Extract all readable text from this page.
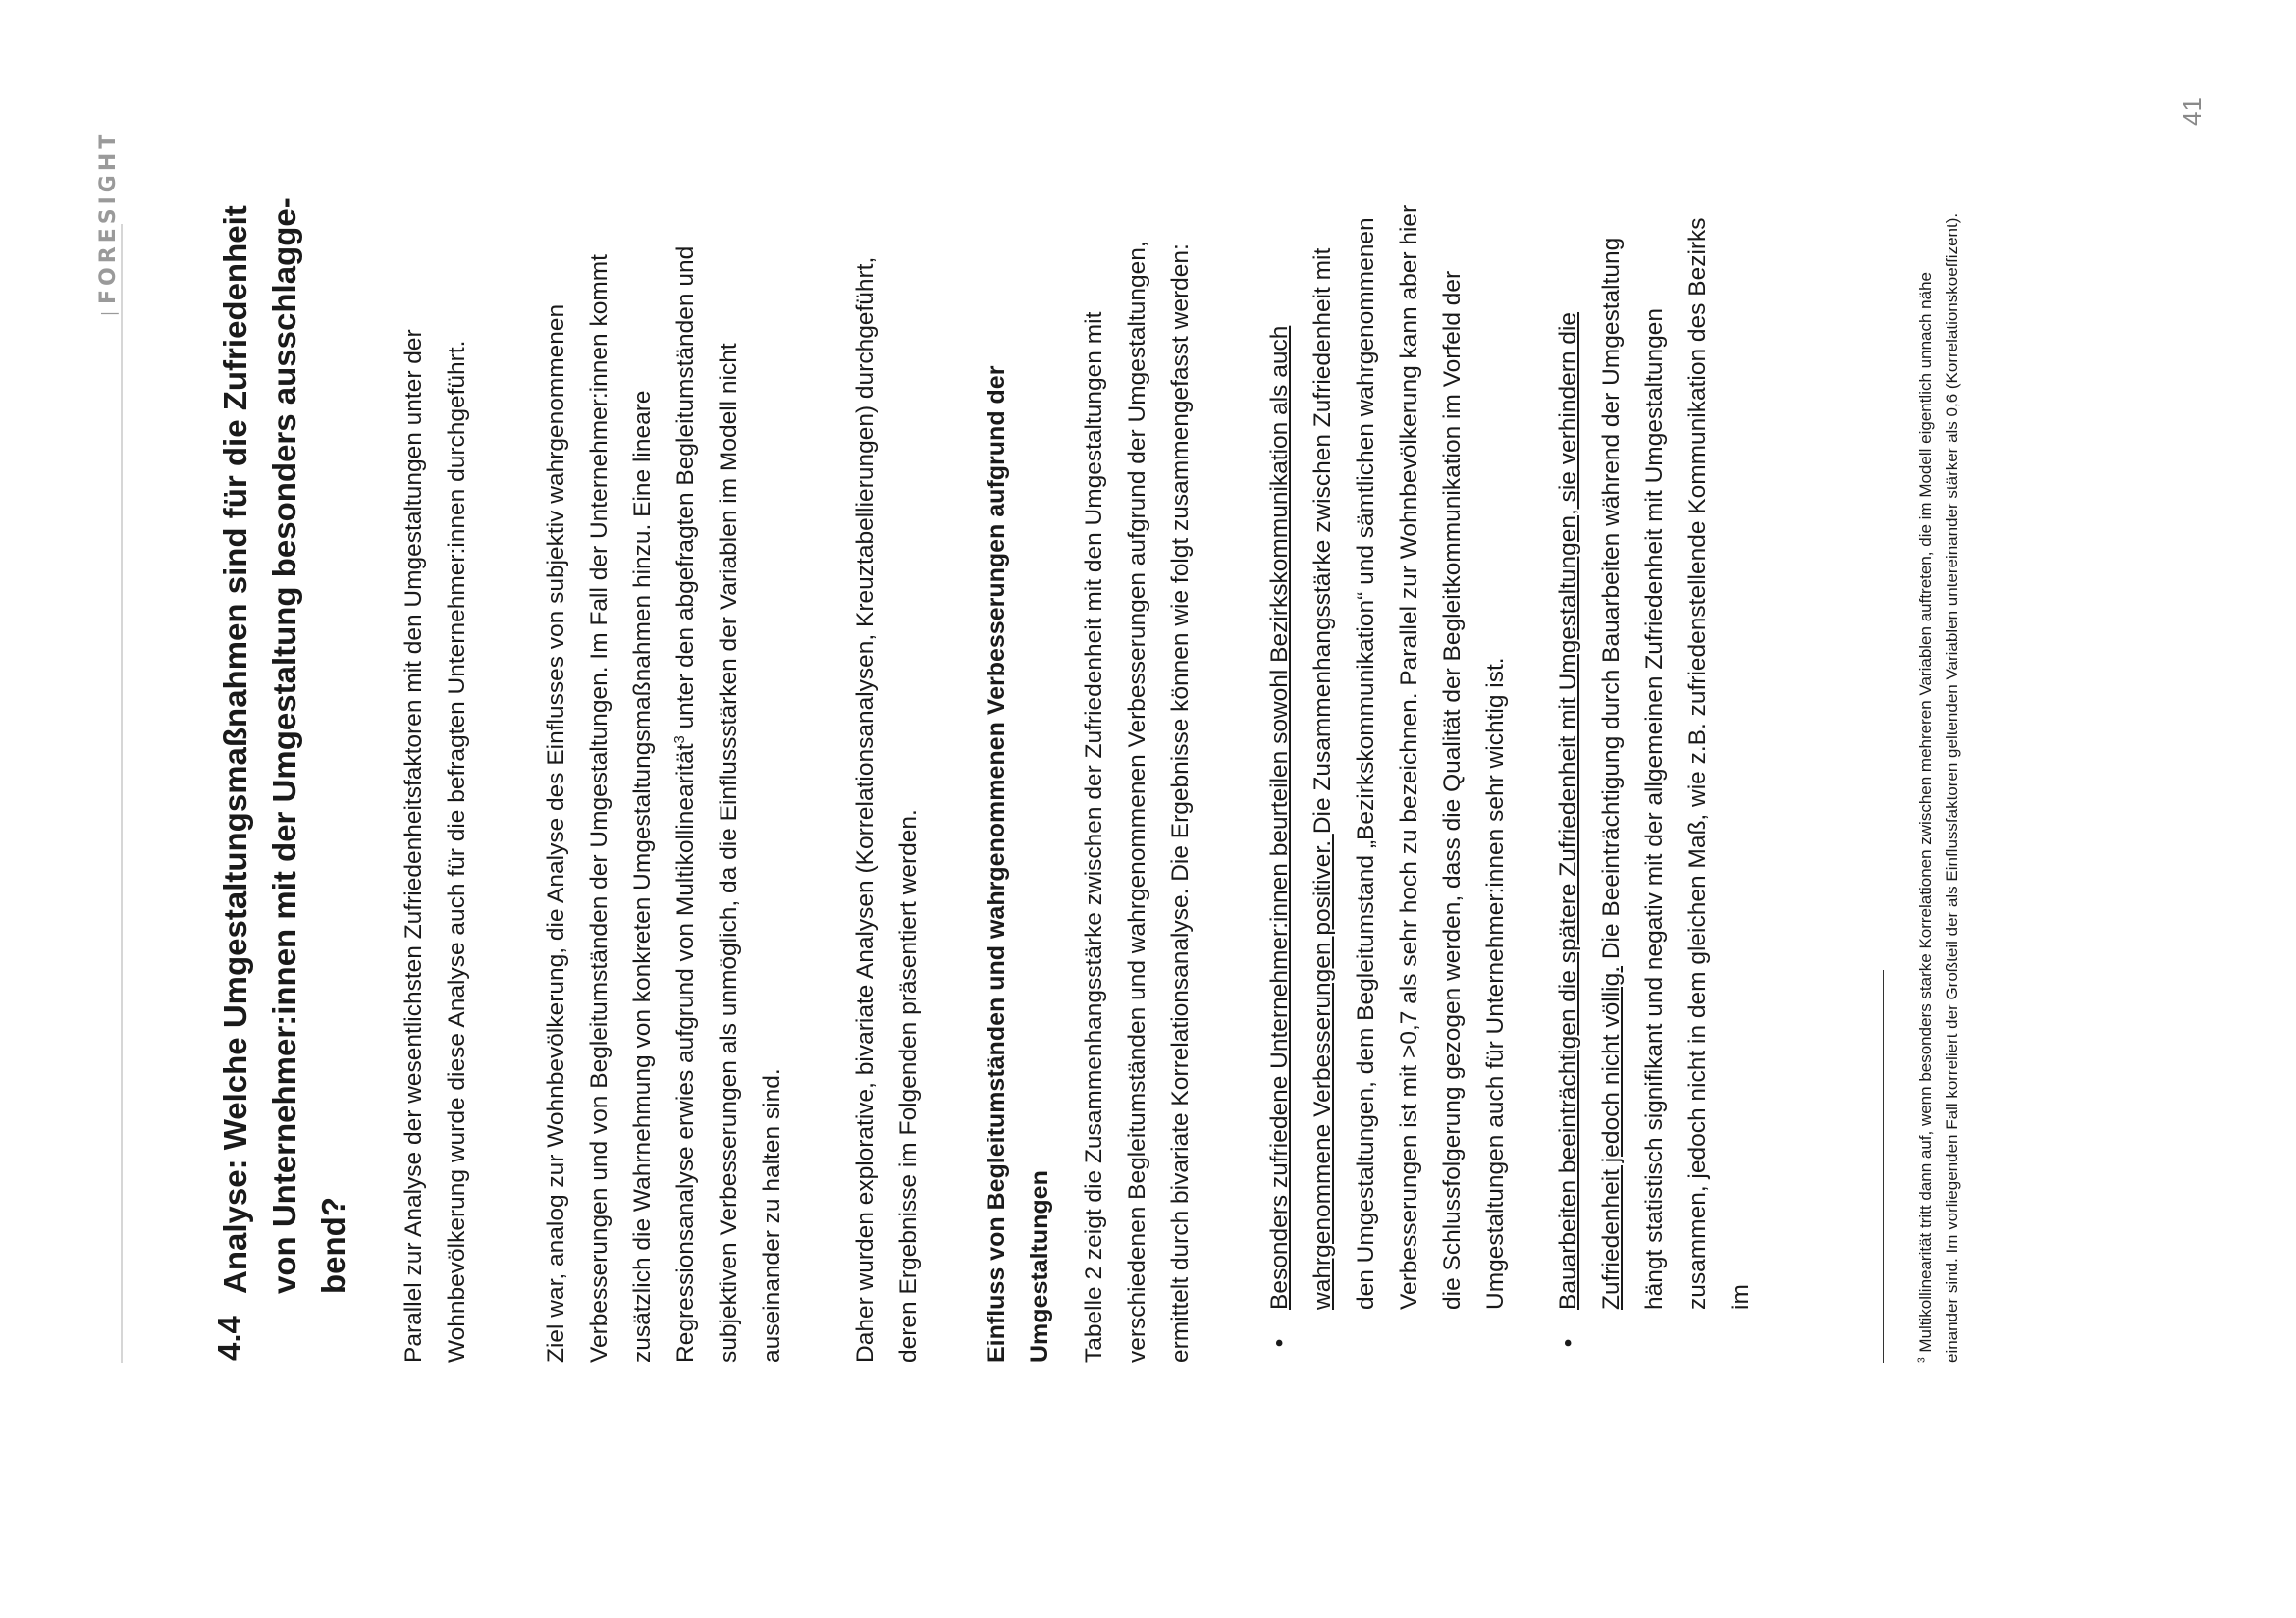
 │ FORESIGHT
41
4.4
Analyse: Welche Umgestaltungsmaßnahmen sind für die Zufriedenheit von Unternehmer:innen mit der Umgestaltung besonders ausschlaggebend?	Parallel zur Analyse der wesentlichsten Zufriedenheitsfaktoren mit den Umgestaltungen unter der Wohnbevölkerung wurde diese Analyse auch für die befragten Unternehmer:innen durchgeführt.	Ziel war, analog zur Wohnbevölkerung, die Analyse des Einflusses von subjektiv wahrgenommenen Verbesserungen und von Begleitumständen der Umgestaltungen. Im Fall der Unternehmer:innen kommt zusätzlich die Wahrnehmung von konkreten Umgestaltungsmaßnahmen hinzu. Eine lineare Regressionsanalyse erwies aufgrund von Multikollinearität$^3$ unter den abgefragten Begleitumständen und subjektiven Verbesserungen als unmöglich, da die Einflussstärken der Variablen im Modell nicht auseinander zu halten sind.	Daher wurden explorative, bivariate Analysen (Korrelationsanalysen, Kreuztabellierungen) durchgeführt, deren Ergebnisse im Folgenden präsentiert werden.	Einfluss von Begleitumständen und wahrgenommenen Verbesserungen aufgrund der Umgestaltungen	Tabelle 2 zeigt die Zusammenhangsstärke zwischen der Zufriedenheit mit den Umgestaltungen mit verschiedenen Begleitumständen und wahrgenommenen Verbesserungen aufgrund der Umgestaltungen, ermittelt durch bivariate Korrelationsanalyse. Die Ergebnisse können wie folgt zusammengefasst werden:	•
Besonders zufriedene Unternehmer:innen beurteilen sowohl Bezirkskommunikation als auch wahrgenommene Verbesserungen positiver. Die Zusammenhangsstärke zwischen Zufriedenheit mit den Umgestaltungen, dem Begleitumstand „Bezirkskommunikation“ und sämtlichen wahrgenommenen Verbesserungen ist mit >0,7 als sehr hoch zu bezeichnen. Parallel zur Wohnbevölkerung kann aber hier die Schlussfolgerung gezogen werden, dass die Qualität der Begleitkommunikation im Vorfeld der Umgestaltungen auch für Unternehmer:innen sehr wichtig ist.
•
Bauarbeiten beeinträchtigen die spätere Zufriedenheit mit Umgestaltungen, sie verhindern die Zufriedenheit jedoch nicht völlig. Die Beeinträchtigung durch Bauarbeiten während der Umgestaltung hängt statistisch signifikant und negativ mit der allgemeinen Zufriedenheit mit Umgestaltungen zusammen, jedoch nicht in dem gleichen Maß, wie z.B. zufriedenstellende Kommunikation des Bezirks im
$^3$ Multikollinearität tritt dann auf, wenn besonders starke Korrelationen zwischen mehreren Variablen auftreten, die im Modell eigentlich unnach nähe einander sind. Im vorliegenden Fall korreliert der Großteil der als Einflussfaktoren geltenden Variablen untereinander stärker als 0,6 (Korrelationskoeffizent).
